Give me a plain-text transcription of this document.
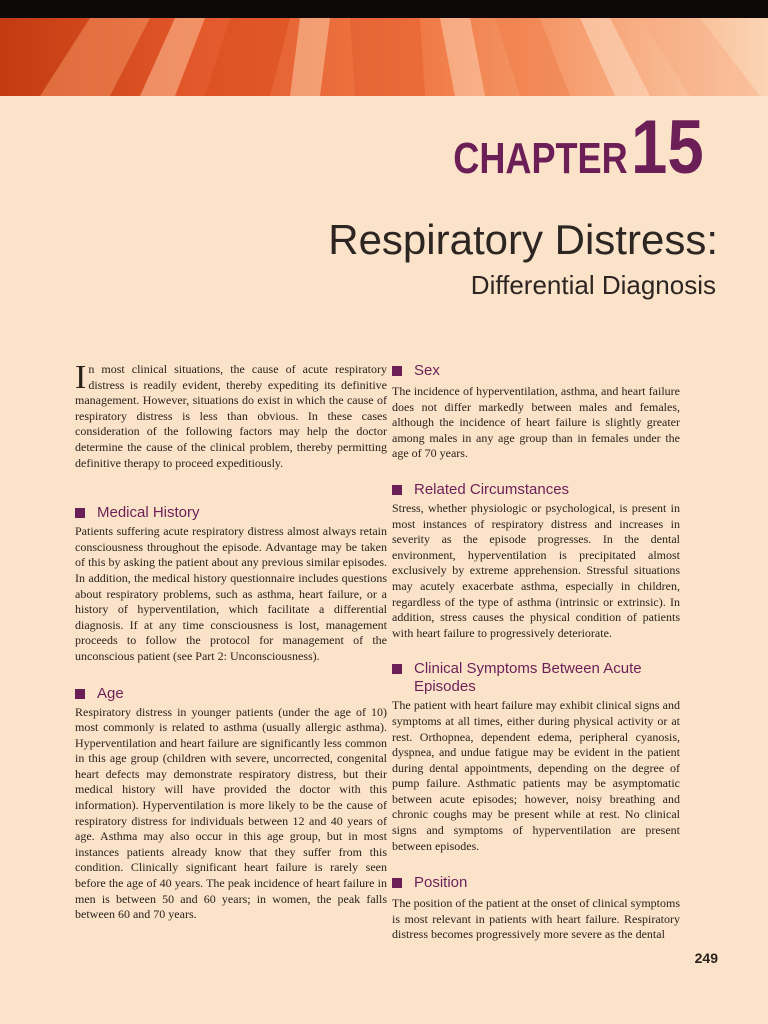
CHAPTER 15
Respiratory Distress:
Differential Diagnosis

In most clinical situations, the cause of acute respiratory distress is readily evident, thereby expediting its definitive management. However, situations do exist in which the cause of respiratory distress is less than obvious. In these cases consideration of the following factors may help the doctor determine the cause of the clinical problem, thereby permitting definitive therapy to proceed expeditiously.

Medical History

Patients suffering acute respiratory distress almost always retain consciousness throughout the episode. Advantage may be taken of this by asking the patient about any previous similar episodes. In addition, the medical history questionnaire includes questions about respiratory problems, such as asthma, heart failure, or a history of hyperventilation, which facilitate a differential diagnosis. If at any time consciousness is lost, management proceeds to follow the protocol for management of the unconscious patient (see Part 2: Unconsciousness).

Age

Respiratory distress in younger patients (under the age of 10) most commonly is related to asthma (usually allergic asthma). Hyperventilation and heart failure are significantly less common in this age group (children with severe, uncorrected, congenital heart defects may demonstrate respiratory distress, but their medical history will have provided the doctor with this information). Hyperventilation is more likely to be the cause of respiratory distress for individuals between 12 and 40 years of age. Asthma may also occur in this age group, but in most instances patients already know that they suffer from this condition. Clinically significant heart failure is rarely seen before the age of 40 years. The peak incidence of heart failure in men is between 50 and 60 years; in women, the peak falls between 60 and 70 years.

Sex

The incidence of hyperventilation, asthma, and heart failure does not differ markedly between males and females, although the incidence of heart failure is slightly greater among males in any age group than in females under the age of 70 years.

Related Circumstances

Stress, whether physiologic or psychological, is present in most instances of respiratory distress and increases in severity as the episode progresses. In the dental environment, hyperventilation is precipitated almost exclusively by extreme apprehension. Stressful situations may acutely exacerbate asthma, especially in children, regardless of the type of asthma (intrinsic or extrinsic). In addition, stress causes the physical condition of patients with heart failure to progressively deteriorate.

Clinical Symptoms Between Acute Episodes

The patient with heart failure may exhibit clinical signs and symptoms at all times, either during physical activity or at rest. Orthopnea, dependent edema, peripheral cyanosis, dyspnea, and undue fatigue may be evident in the patient during dental appointments, depending on the degree of pump failure. Asthmatic patients may be asymptomatic between acute episodes; however, noisy breathing and chronic coughs may be present while at rest. No clinical signs and symptoms of hyperventilation are present between episodes.

Position

The position of the patient at the onset of clinical symptoms is most relevant in patients with heart failure. Respiratory distress becomes progressively more severe as the dental

249
